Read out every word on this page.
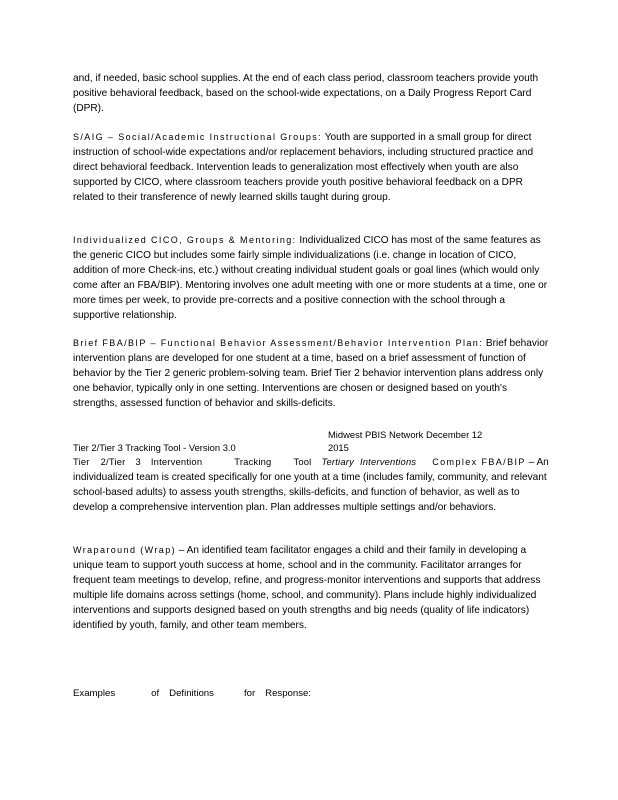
and, if needed, basic school supplies. At the end of each class period, classroom teachers provide youth positive behavioral feedback, based on the school-wide expectations, on a Daily Progress Report Card (DPR).

S/AIG – Social/Academic Instructional Groups: Youth are supported in a small group for direct instruction of school-wide expectations and/or replacement behaviors, including structured practice and direct behavioral feedback. Intervention leads to generalization most effectively when youth are also supported by CICO, where classroom teachers provide youth positive behavioral feedback on a DPR related to their transference of newly learned skills taught during group.

Individualized CICO, Groups & Mentoring: Individualized CICO has most of the same features as the generic CICO but includes some fairly simple individualizations (i.e. change in location of CICO, addition of more Check-ins, etc.) without creating individual student goals or goal lines (which would only come after an FBA/BIP). Mentoring involves one adult meeting with one or more students at a time, one or more times per week, to provide pre-corrects and a positive connection with the school through a supportive relationship.

Brief FBA/BIP – Functional Behavior Assessment/Behavior Intervention Plan: Brief behavior intervention plans are developed for one student at a time, based on a brief assessment of function of behavior by the Tier 2 generic problem-solving team. Brief Tier 2 behavior intervention plans address only one behavior, typically only in one setting. Interventions are chosen or designed based on youth's strengths, assessed function of behavior and skills-deficits.

Midwest PBIS Network December 12
2015
Tier 2/Tier 3 Tracking Tool - Version 3.0

Tier 2/Tier 3 Intervention	Tracking Tool Tertiary Interventions Complex FBA/BIP – An individualized team is created specifically for one youth at a time (includes family, community, and relevant school-based adults) to assess youth strengths, skills-deficits, and function of behavior, as well as to develop a comprehensive intervention plan. Plan addresses multiple settings and/or behaviors.

Wraparound (Wrap) – An identified team facilitator engages a child and their family in developing a unique team to support youth success at home, school and in the community. Facilitator arranges for frequent team meetings to develop, refine, and progress-monitor interventions and supports that address multiple life domains across settings (home, school, and community). Plans include highly individualized interventions and supports designed based on youth strengths and big needs (quality of life indicators) identified by youth, family, and other team members.

Examples	of Definitions	for Response:
